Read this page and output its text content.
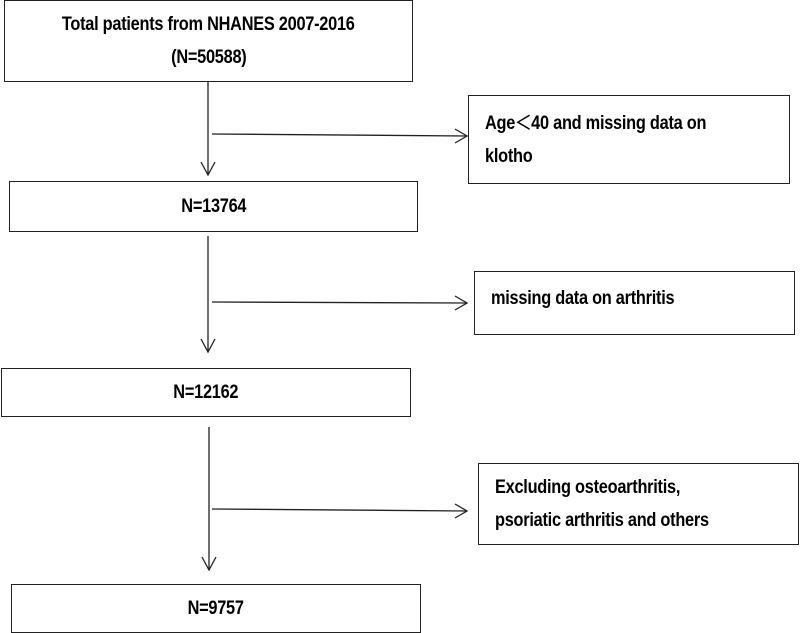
Total patients from NHANES 2007-2016
(N=50588)
Age＜40 and missing data on
klotho
N=13764
missing data on arthritis
N=12162
Excluding osteoarthritis,
psoriatic arthritis and others
N=9757
